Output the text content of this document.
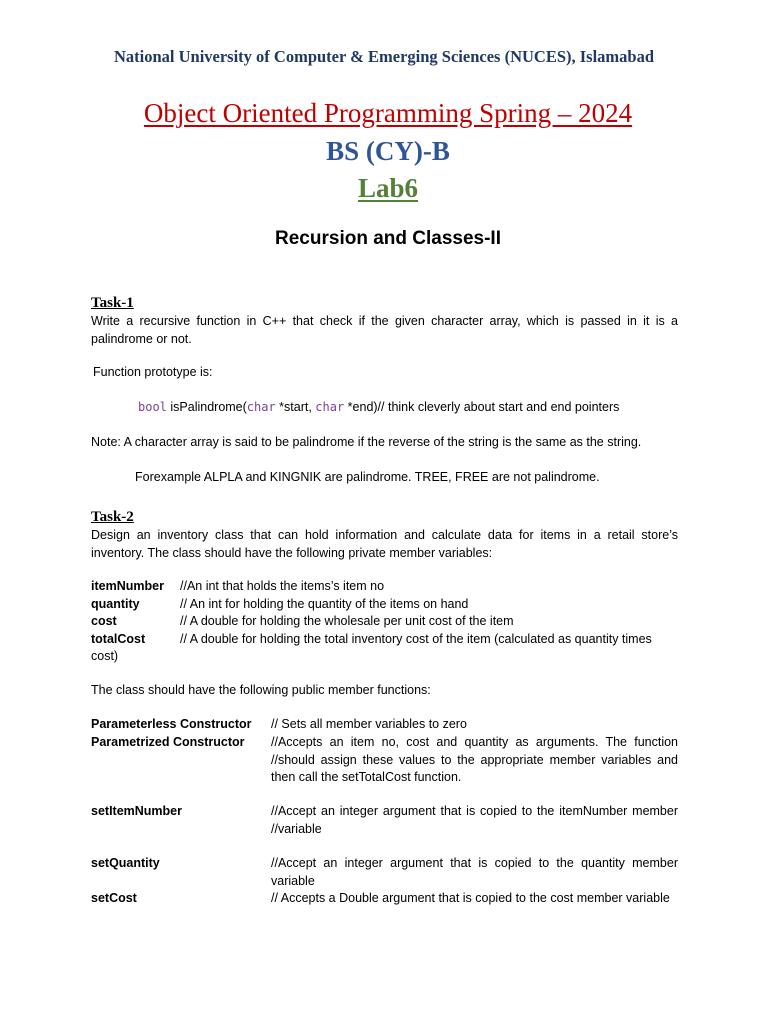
National University of Computer & Emerging Sciences (NUCES), Islamabad
Object Oriented Programming Spring – 2024
BS (CY)-B
Lab6
Recursion and Classes-II
Task-1
Write a recursive function in C++ that check if the given character array, which is passed in it is a palindrome or not.
Function prototype is:
bool isPalindrome(char *start, char *end)// think cleverly about start and end pointers
Note: A character array is said to be palindrome if the reverse of the string is the same as the string.
Forexample ALPLA and KINGNIK are palindrome. TREE, FREE are not palindrome.
Task-2
Design an inventory class that can hold information and calculate data for items in a retail store’s inventory. The class should have the following private member variables:
itemNumber //An int that holds the items’s item no
quantity	// An int for holding the quantity of the items on hand
cost	// A double for holding the wholesale per unit cost of the item
totalCost	// A double for holding the total inventory cost of the item (calculated as quantity times
cost)
The class should have the following public member functions:
Parameterless Constructor // Sets all member variables to zero
Parametrized Constructor //Accepts an item no, cost and quantity as arguments. The function //should assign these values to the appropriate member variables and then call the setTotalCost function.
setItemNumber	//Accept an integer argument that is copied to the itemNumber member //variable
setQuantity	//Accept an integer argument that is copied to the quantity member variable
setCost	// Accepts a Double argument that is copied to the cost member variable
